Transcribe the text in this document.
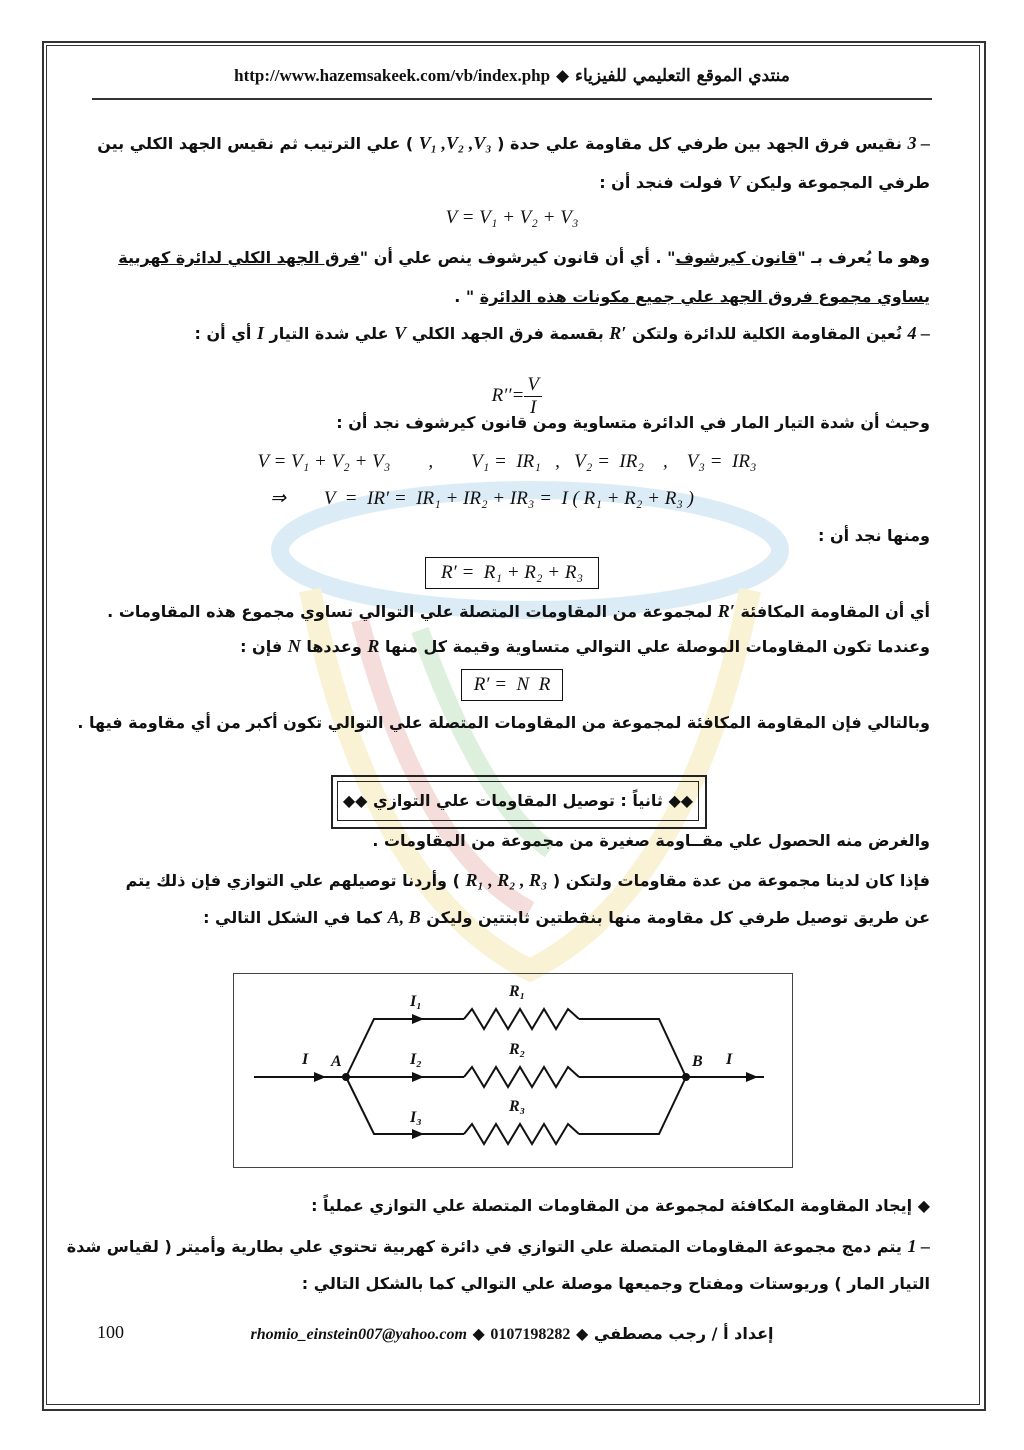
http://www.hazemsakeek.com/vb/index.php ◆ منتدي الموقع التعليمي للفيزياء
3 – نقيس فرق الجهد بين طرفي كل مقاومة علي حدة ( V₁ ,V₂ ,V₃ ) علي الترتيب ثم نقيس الجهد الكلي بين
طرفي المجموعة وليكن V فولت فنجد أن :
V = V₁ + V₂ + V₃
وهو ما يُعرف بـ "قانون كيرشوف" . أي أن قانون كيرشوف ينص علي أن "فرق الجهد الكلي لدائرة كهربية
يساوي مجموع فروق الجهد علي جميع مكونات هذه الدائرة " .
4 – نُعين المقاومة الكلية للدائرة ولتكن R′ بقسمة فرق الجهد الكلي V علي شدة التيار I أي أن :

$R''= \frac{V}{I}$

وحيث أن شدة التيار المار في الدائرة متساوية ومن قانون كيرشوف نجد أن :
V = V₁ + V₂ + V₃        ,        V₁ =  IR₁   ,   V₂ =  IR₂    ,    V₃ =  IR₃
⇒        V  =  IR′ =  IR₁ + IR₂ + IR₃ =  I ( R₁ + R₂ + R₃ )
ومنها نجد أن :
R′ =  R₁ + R₂ + R₃
أي أن المقاومة المكافئة R′ لمجموعة من المقاومات المتصلة علي التوالي تساوي مجموع هذه المقاومات .
وعندما تكون المقاومات الموصلة علي التوالي متساوية وقيمة كل منها R وعددها N فإن :
R′ =  N  R
وبالتالي فإن المقاومة المكافئة لمجموعة من المقاومات المتصلة علي التوالي تكون أكبر من أي مقاومة فيها .
◆◆ ثانياً : توصيل المقاومات علي التوازي ◆◆
والغرض منه الحصول علي مقــاومة صغيرة من مجموعة من المقاومات .
فإذا كان لدينا مجموعة من عدة مقاومات ولتكن ( R₁ , R₂ , R₃ ) وأردنا توصيلهم علي التوازي فإن ذلك يتم
عن طريق توصيل طرفي كل مقاومة منها بنقطتين ثابتتين وليكن A, B كما في الشكل التالي :
I A	B I
I₁
I₂
I₃
R₁
R₂
R₃
◆ إيجاد المقاومة المكافئة لمجموعة من المقاومات المتصلة علي التوازي عملياً :
1 – يتم دمج مجموعة المقاومات المتصلة علي التوازي في دائرة كهربية تحتوي علي بطارية وأميتر ( لقياس شدة
التيار المار ) وريوستات ومفتاح وجميعها موصلة علي التوالي كما بالشكل التالي :
100	rhomio_einstein007@yahoo.com ◆ 0107198282 ◆ إعداد أ / رجب مصطفي
